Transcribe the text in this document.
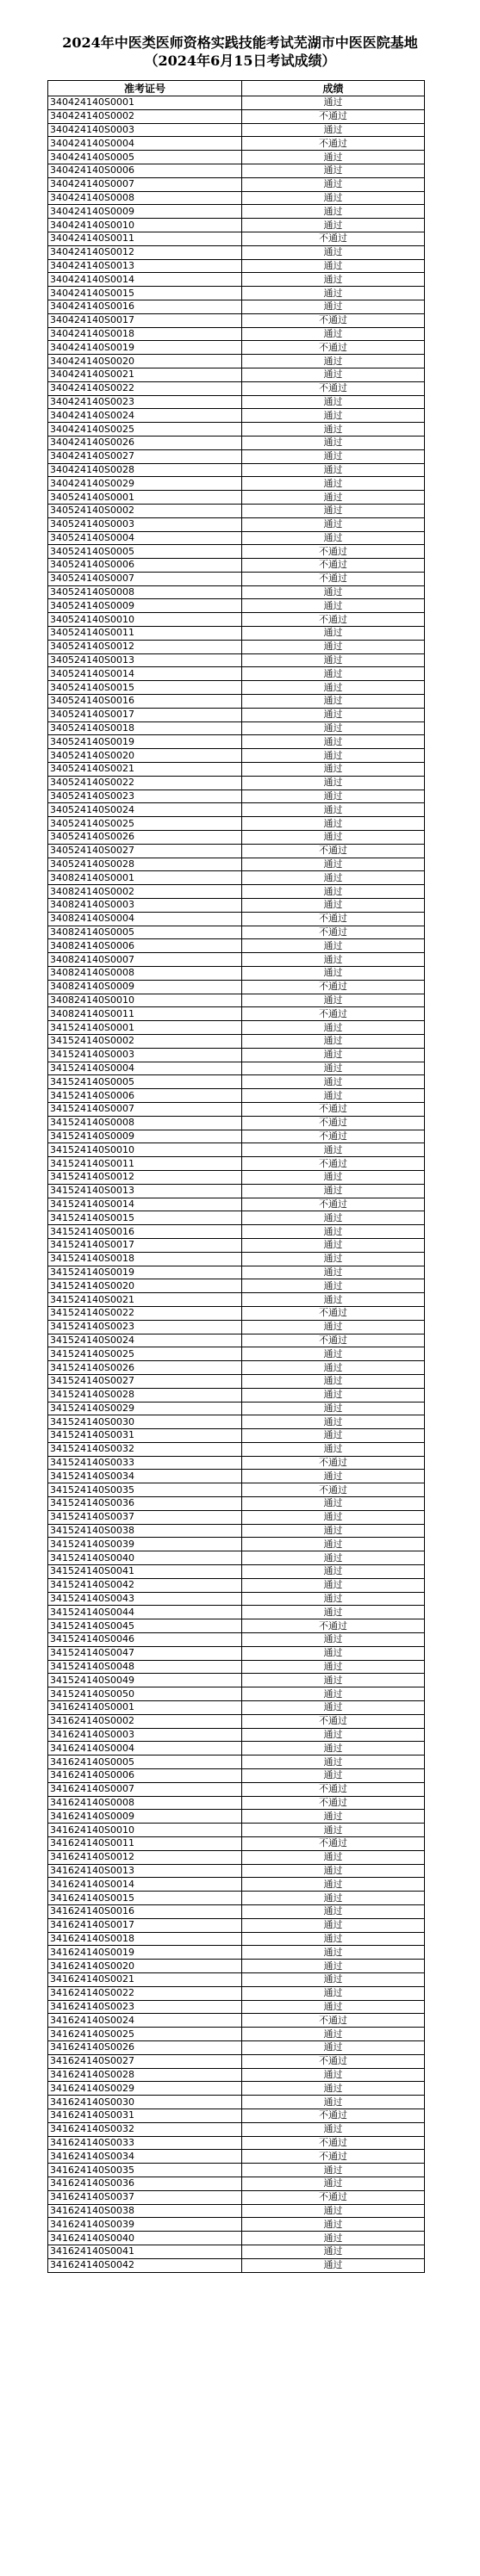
2024年中医类医师资格实践技能考试芜湖市中医医院基地
（2024年6月15日考试成绩）
准考证号	成绩
340424140S0001	通过
340424140S0002	不通过
340424140S0003	通过
340424140S0004	不通过
340424140S0005	通过
340424140S0006	通过
340424140S0007	通过
340424140S0008	通过
340424140S0009	通过
340424140S0010	通过
340424140S0011	不通过
340424140S0012	通过
340424140S0013	通过
340424140S0014	通过
340424140S0015	通过
340424140S0016	通过
340424140S0017	不通过
340424140S0018	通过
340424140S0019	不通过
340424140S0020	通过
340424140S0021	通过
340424140S0022	不通过
340424140S0023	通过
340424140S0024	通过
340424140S0025	通过
340424140S0026	通过
340424140S0027	通过
340424140S0028	通过
340424140S0029	通过
340524140S0001	通过
340524140S0002	通过
340524140S0003	通过
340524140S0004	通过
340524140S0005	不通过
340524140S0006	不通过
340524140S0007	不通过
340524140S0008	通过
340524140S0009	通过
340524140S0010	不通过
340524140S0011	通过
340524140S0012	通过
340524140S0013	通过
340524140S0014	通过
340524140S0015	通过
340524140S0016	通过
340524140S0017	通过
340524140S0018	通过
340524140S0019	通过
340524140S0020	通过
340524140S0021	通过
340524140S0022	通过
340524140S0023	通过
340524140S0024	通过
340524140S0025	通过
340524140S0026	通过
340524140S0027	不通过
340524140S0028	通过
340824140S0001	通过
340824140S0002	通过
340824140S0003	通过
340824140S0004	不通过
340824140S0005	不通过
340824140S0006	通过
340824140S0007	通过
340824140S0008	通过
340824140S0009	不通过
340824140S0010	通过
340824140S0011	不通过
341524140S0001	通过
341524140S0002	通过
341524140S0003	通过
341524140S0004	通过
341524140S0005	通过
341524140S0006	通过
341524140S0007	不通过
341524140S0008	不通过
341524140S0009	不通过
341524140S0010	通过
341524140S0011	不通过
341524140S0012	通过
341524140S0013	通过
341524140S0014	不通过
341524140S0015	通过
341524140S0016	通过
341524140S0017	通过
341524140S0018	通过
341524140S0019	通过
341524140S0020	通过
341524140S0021	通过
341524140S0022	不通过
341524140S0023	通过
341524140S0024	不通过
341524140S0025	通过
341524140S0026	通过
341524140S0027	通过
341524140S0028	通过
341524140S0029	通过
341524140S0030	通过
341524140S0031	通过
341524140S0032	通过
341524140S0033	不通过
341524140S0034	通过
341524140S0035	不通过
341524140S0036	通过
341524140S0037	通过
341524140S0038	通过
341524140S0039	通过
341524140S0040	通过
341524140S0041	通过
341524140S0042	通过
341524140S0043	通过
341524140S0044	通过
341524140S0045	不通过
341524140S0046	通过
341524140S0047	通过
341524140S0048	通过
341524140S0049	通过
341524140S0050	通过
341624140S0001	通过
341624140S0002	不通过
341624140S0003	通过
341624140S0004	通过
341624140S0005	通过
341624140S0006	通过
341624140S0007	不通过
341624140S0008	不通过
341624140S0009	通过
341624140S0010	通过
341624140S0011	不通过
341624140S0012	通过
341624140S0013	通过
341624140S0014	通过
341624140S0015	通过
341624140S0016	通过
341624140S0017	通过
341624140S0018	通过
341624140S0019	通过
341624140S0020	通过
341624140S0021	通过
341624140S0022	通过
341624140S0023	通过
341624140S0024	不通过
341624140S0025	通过
341624140S0026	通过
341624140S0027	不通过
341624140S0028	通过
341624140S0029	通过
341624140S0030	通过
341624140S0031	不通过
341624140S0032	通过
341624140S0033	不通过
341624140S0034	不通过
341624140S0035	通过
341624140S0036	通过
341624140S0037	不通过
341624140S0038	通过
341624140S0039	通过
341624140S0040	通过
341624140S0041	通过
341624140S0042	通过
